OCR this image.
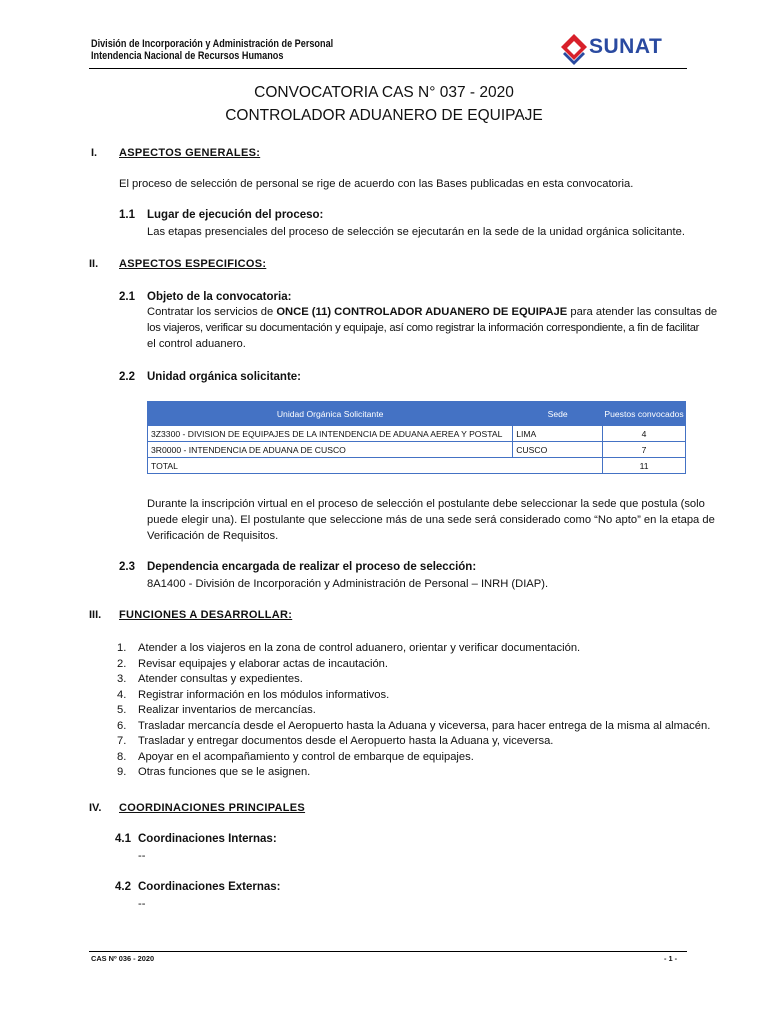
División de Incorporación y Administración de Personal
Intendencia Nacional de Recursos Humanos	SUNAT
CONVOCATORIA CAS N° 037 - 2020
CONTROLADOR ADUANERO DE EQUIPAJE
I. ASPECTOS GENERALES:
El proceso de selección de personal se rige de acuerdo con las Bases publicadas en esta convocatoria.
1.1 Lugar de ejecución del proceso:
Las etapas presenciales del proceso de selección se ejecutarán en la sede de la unidad orgánica solicitante.
II. ASPECTOS ESPECIFICOS:
2.1 Objeto de la convocatoria:
Contratar los servicios de ONCE (11) CONTROLADOR ADUANERO DE EQUIPAJE para atender las consultas de
los viajeros, verificar su documentación y equipaje, así como registrar la información correspondiente, a fin de facilitar
el control aduanero.
2.2 Unidad orgánica solicitante:
Unidad Orgánica Solicitante	Sede	Puestos convocados
3Z3300 - DIVISION DE EQUIPAJES DE LA INTENDENCIA DE ADUANA AEREA Y POSTAL	LIMA	4
3R0000 - INTENDENCIA DE ADUANA DE CUSCO	CUSCO	7
TOTAL		11
Durante la inscripción virtual en el proceso de selección el postulante debe seleccionar la sede que postula (solo
puede elegir una). El postulante que seleccione más de una sede será considerado como “No apto” en la etapa de
Verificación de Requisitos.
2.3 Dependencia encargada de realizar el proceso de selección:
8A1400 - División de Incorporación y Administración de Personal – INRH (DIAP).
III. FUNCIONES A DESARROLLAR:
1. Atender a los viajeros en la zona de control aduanero, orientar y verificar documentación.
2. Revisar equipajes y elaborar actas de incautación.
3. Atender consultas y expedientes.
4. Registrar información en los módulos informativos.
5. Realizar inventarios de mercancías.
6. Trasladar mercancía desde el Aeropuerto hasta la Aduana y viceversa, para hacer entrega de la misma al almacén.
7. Trasladar y entregar documentos desde el Aeropuerto hasta la Aduana y, viceversa.
8. Apoyar en el acompañamiento y control de embarque de equipajes.
9. Otras funciones que se le asignen.
IV. COORDINACIONES PRINCIPALES
4.1 Coordinaciones Internas:
--
4.2 Coordinaciones Externas:
--
CAS Nº 036 - 2020	- 1 -
